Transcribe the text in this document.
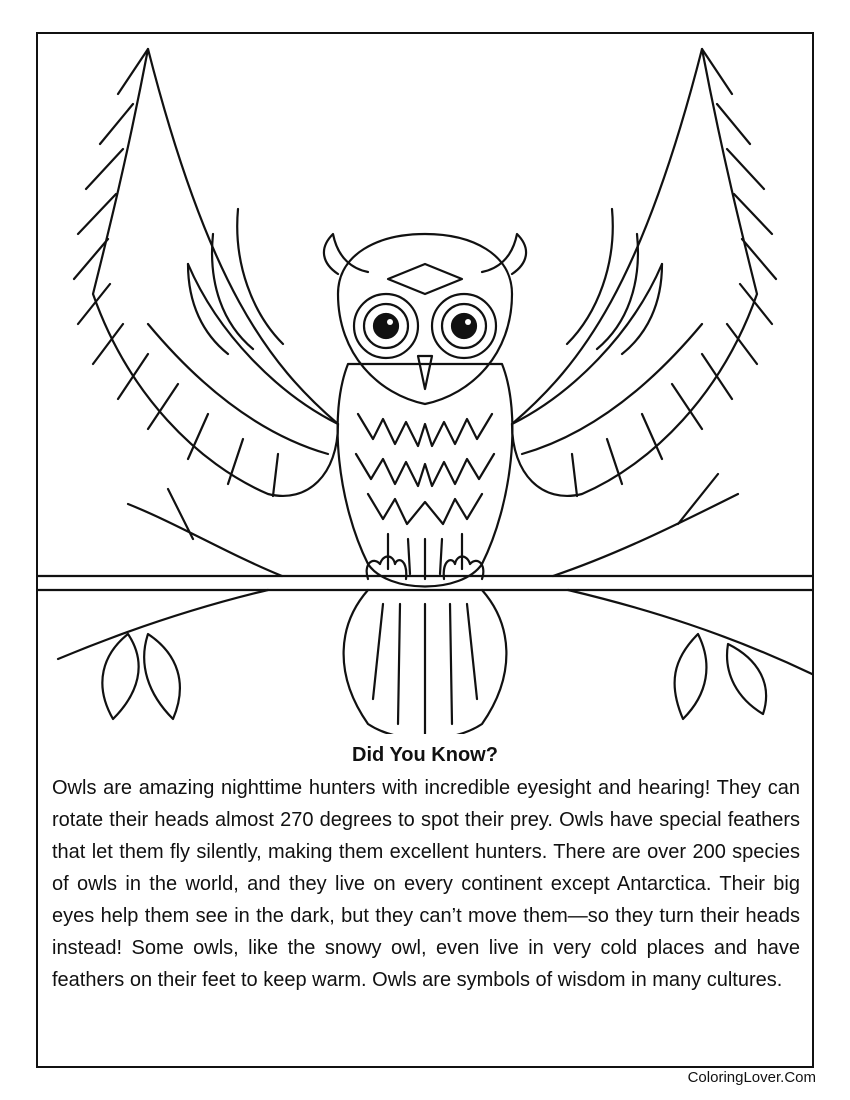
Did You Know?
Owls are amazing nighttime hunters with incredible eyesight and hearing! They can rotate their heads almost 270 degrees to spot their prey. Owls have special feathers that let them fly silently, making them excellent hunters. There are over 200 species of owls in the world, and they live on every continent except Antarctica. Their big eyes help them see in the dark, but they can’t move them—so they turn their heads instead! Some owls, like the snowy owl, even live in very cold places and have feathers on their feet to keep warm. Owls are symbols of wisdom in many cultures.
ColoringLover.Com
